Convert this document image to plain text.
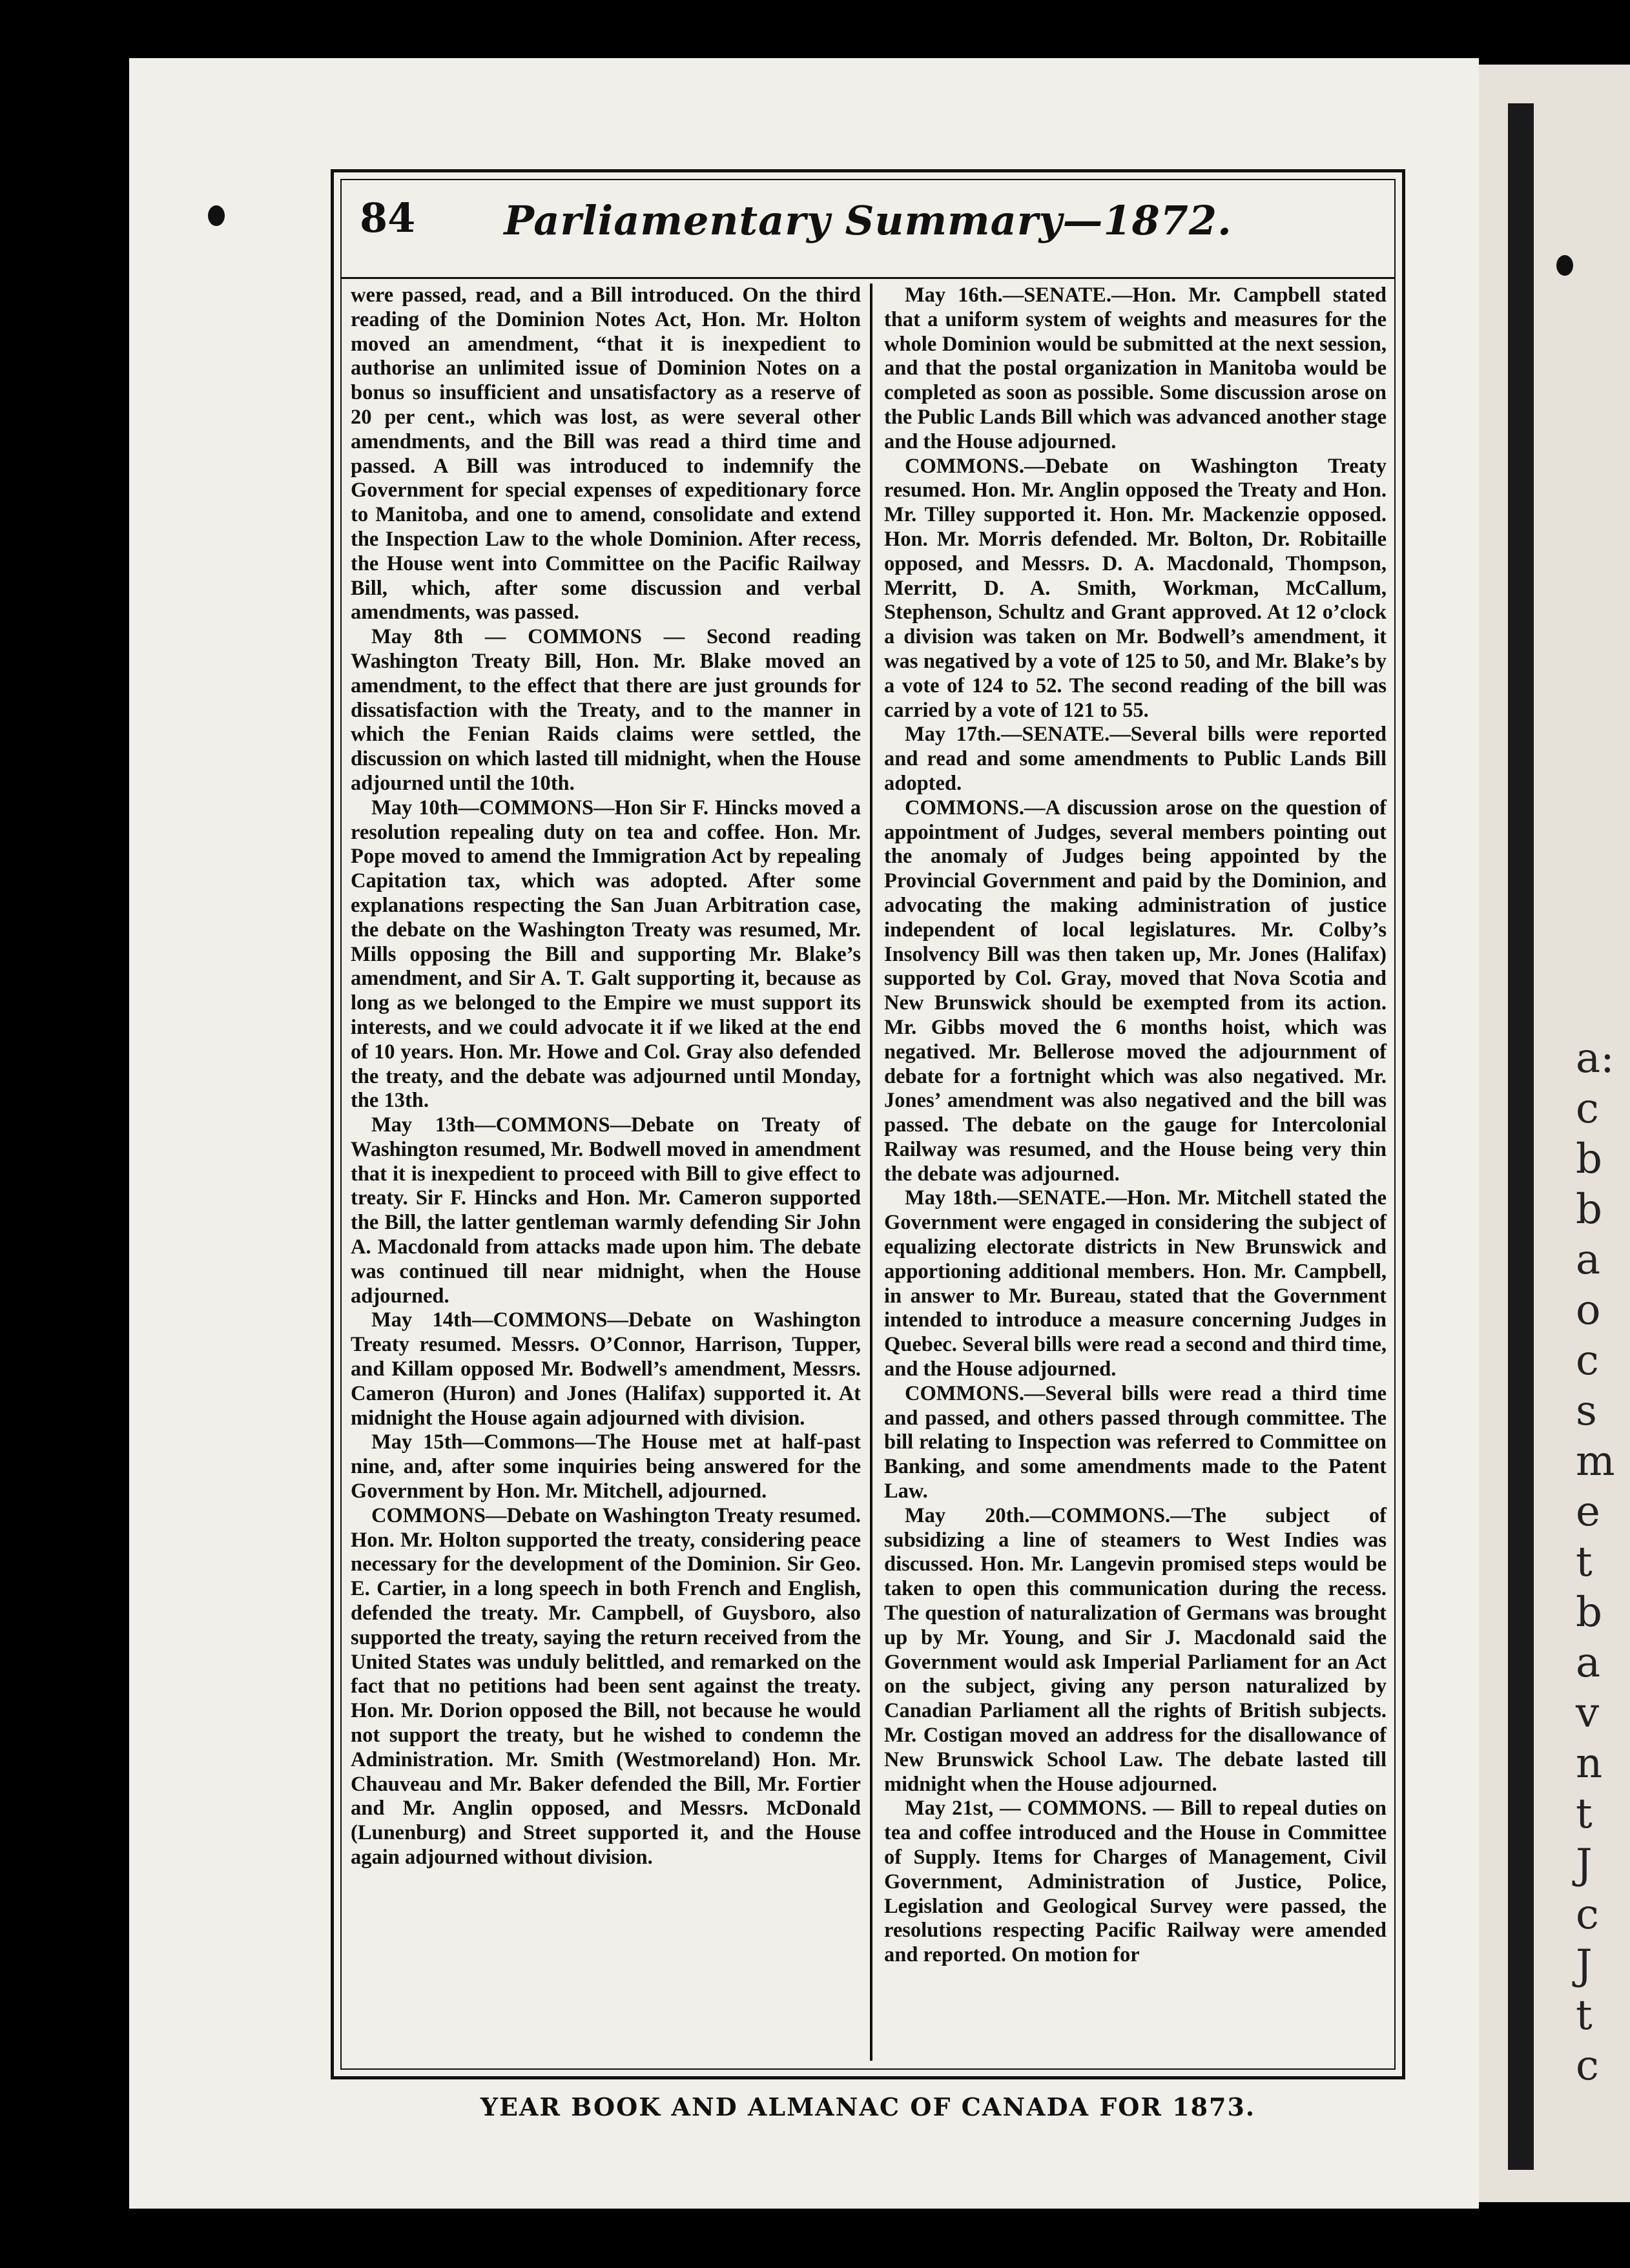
a: c b b a o c s m e t b a v n t J c J t c
84	Parliamentary Summary—1872.

were passed, read, and a Bill introduced. On the third reading of the Dominion Notes Act, Hon. Mr. Holton moved an amendment, “that it is inexpedient to authorise an unlimited issue of Dominion Notes on a bonus so insufficient and unsatisfactory as a reserve of 20 per cent., which was lost, as were several other amendments, and the Bill was read a third time and passed. A Bill was introduced to indemnify the Government for special expenses of expeditionary force to Manitoba, and one to amend, consolidate and extend the Inspection Law to the whole Dominion. After recess, the House went into Committee on the Pacific Railway Bill, which, after some discussion and verbal amendments, was passed.

May 8th — COMMONS — Second reading Washington Treaty Bill, Hon. Mr. Blake moved an amendment, to the effect that there are just grounds for dissatisfaction with the Treaty, and to the manner in which the Fenian Raids claims were settled, the discussion on which lasted till midnight, when the House adjourned until the 10th.

May 10th—COMMONS—Hon Sir F. Hincks moved a resolution repealing duty on tea and coffee. Hon. Mr. Pope moved to amend the Immigration Act by repealing Capitation tax, which was adopted. After some explanations respecting the San Juan Arbitration case, the debate on the Washington Treaty was resumed, Mr. Mills opposing the Bill and supporting Mr. Blake’s amendment, and Sir A. T. Galt supporting it, because as long as we belonged to the Empire we must support its interests, and we could advocate it if we liked at the end of 10 years. Hon. Mr. Howe and Col. Gray also defended the treaty, and the debate was adjourned until Monday, the 13th.

May 13th—COMMONS—Debate on Treaty of Washington resumed, Mr. Bodwell moved in amendment that it is inexpedient to proceed with Bill to give effect to treaty. Sir F. Hincks and Hon. Mr. Cameron supported the Bill, the latter gentleman warmly defending Sir John A. Macdonald from attacks made upon him. The debate was continued till near midnight, when the House adjourned.

May 14th—COMMONS—Debate on Washington Treaty resumed. Messrs. O’Connor, Harrison, Tupper, and Killam opposed Mr. Bodwell’s amendment, Messrs. Cameron (Huron) and Jones (Halifax) supported it. At midnight the House again adjourned with division.

May 15th—Commons—The House met at half-past nine, and, after some inquiries being answered for the Government by Hon. Mr. Mitchell, adjourned.

COMMONS—Debate on Washington Treaty resumed. Hon. Mr. Holton supported the treaty, considering peace necessary for the development of the Dominion. Sir Geo. E. Cartier, in a long speech in both French and English, defended the treaty. Mr. Campbell, of Guysboro, also supported the treaty, saying the return received from the United States was unduly belittled, and remarked on the fact that no petitions had been sent against the treaty. Hon. Mr. Dorion opposed the Bill, not because he would not support the treaty, but he wished to condemn the Administration. Mr. Smith (Westmoreland) Hon. Mr. Chauveau and Mr. Baker defended the Bill, Mr. Fortier and Mr. Anglin opposed, and Messrs. McDonald (Lunenburg) and Street supported it, and the House again adjourned without division.

May 16th.—SENATE.—Hon. Mr. Campbell stated that a uniform system of weights and measures for the whole Dominion would be submitted at the next session, and that the postal organization in Manitoba would be completed as soon as possible. Some discussion arose on the Public Lands Bill which was advanced another stage and the House adjourned.

COMMONS.—Debate on Washington Treaty resumed. Hon. Mr. Anglin opposed the Treaty and Hon. Mr. Tilley supported it. Hon. Mr. Mackenzie opposed. Hon. Mr. Morris defended. Mr. Bolton, Dr. Robitaille opposed, and Messrs. D. A. Macdonald, Thompson, Merritt, D. A. Smith, Workman, McCallum, Stephenson, Schultz and Grant approved. At 12 o’clock a division was taken on Mr. Bodwell’s amendment, it was negatived by a vote of 125 to 50, and Mr. Blake’s by a vote of 124 to 52. The second reading of the bill was carried by a vote of 121 to 55.

May 17th.—SENATE.—Several bills were reported and read and some amendments to Public Lands Bill adopted.

COMMONS.—A discussion arose on the question of appointment of Judges, several members pointing out the anomaly of Judges being appointed by the Provincial Government and paid by the Dominion, and advocating the making administration of justice independent of local legislatures. Mr. Colby’s Insolvency Bill was then taken up, Mr. Jones (Halifax) supported by Col. Gray, moved that Nova Scotia and New Brunswick should be exempted from its action. Mr. Gibbs moved the 6 months hoist, which was negatived. Mr. Bellerose moved the adjournment of debate for a fortnight which was also negatived. Mr. Jones’ amendment was also negatived and the bill was passed. The debate on the gauge for Intercolonial Railway was resumed, and the House being very thin the debate was adjourned.

May 18th.—SENATE.—Hon. Mr. Mitchell stated the Government were engaged in considering the subject of equalizing electorate districts in New Brunswick and apportioning additional members. Hon. Mr. Campbell, in answer to Mr. Bureau, stated that the Government intended to introduce a measure concerning Judges in Quebec. Several bills were read a second and third time, and the House adjourned.

COMMONS.—Several bills were read a third time and passed, and others passed through committee. The bill relating to Inspection was referred to Committee on Banking, and some amendments made to the Patent Law.

May 20th.—COMMONS.—The subject of subsidizing a line of steamers to West Indies was discussed. Hon. Mr. Langevin promised steps would be taken to open this communication during the recess. The question of naturalization of Germans was brought up by Mr. Young, and Sir J. Macdonald said the Government would ask Imperial Parliament for an Act on the subject, giving any person naturalized by Canadian Parliament all the rights of British subjects. Mr. Costigan moved an address for the disallowance of New Brunswick School Law. The debate lasted till midnight when the House adjourned.

May 21st, — COMMONS. — Bill to repeal duties on tea and coffee introduced and the House in Committee of Supply. Items for Charges of Management, Civil Government, Administration of Justice, Police, Legislation and Geological Survey were passed, the resolutions respecting Pacific Railway were amended and reported. On motion for

YEAR BOOK AND ALMANAC OF CANADA FOR 1873.
